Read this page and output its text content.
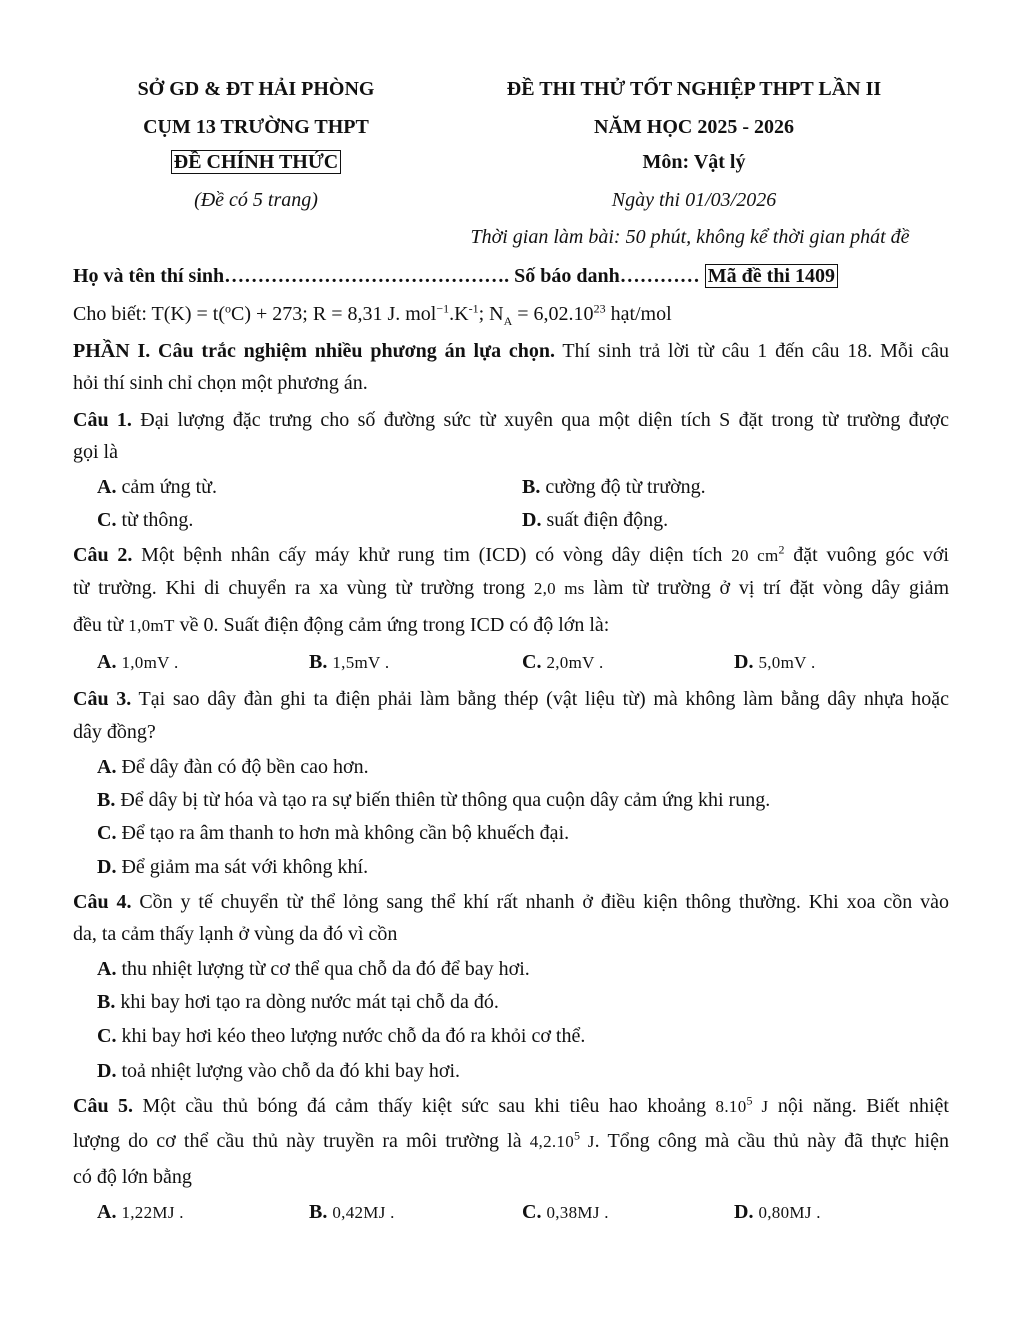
SỞ GD & ĐT HẢI PHÒNG
CỤM 13 TRƯỜNG THPT
ĐỀ CHÍNH THỨC
(Đề có 5 trang)
ĐỀ THI THỬ TỐT NGHIỆP THPT LẦN II
NĂM HỌC 2025 - 2026
Môn: Vật lý
Ngày thi 01/03/2026
Thời gian làm bài: 50 phút, không kể thời gian phát đề
Họ và tên thí sinh……………………………………. Số báo danh………… Mã đề thi 1409
Cho biết: T(K) = t($^o$C) + 273; R = 8,31 J. $mol^{-1}.K^{-1}$; $N_A = 6,02.10^{23}$ hạt/mol
PHẦN I. Câu trắc nghiệm nhiều phương án lựa chọn. Thí sinh trả lời từ câu 1 đến câu 18. Mỗi câu
hỏi thí sinh chỉ chọn một phương án.
Câu 1. Đại lượng đặc trưng cho số đường sức từ xuyên qua một diện tích S đặt trong từ trường được
gọi là
A. cảm ứng từ.	B. cường độ từ trường.
C. từ thông.	D. suất điện động.
Câu 2. Một bệnh nhân cấy máy khử rung tim (ICD) có vòng dây diện tích 20 $cm^2$ đặt vuông góc với
từ trường. Khi di chuyển ra xa vùng từ trường trong 2,0 ms làm từ trường ở vị trí đặt vòng dây giảm
đều từ 1,0mT về 0. Suất điện động cảm ứng trong ICD có độ lớn là:
A. 1,0mV .	B. 1,5mV .	C. 2,0mV .	D. 5,0mV .
Câu 3. Tại sao dây đàn ghi ta điện phải làm bằng thép (vật liệu từ) mà không làm bằng dây nhựa hoặc
dây đồng?
A. Để dây đàn có độ bền cao hơn.
B. Để dây bị từ hóa và tạo ra sự biến thiên từ thông qua cuộn dây cảm ứng khi rung.
C. Để tạo ra âm thanh to hơn mà không cần bộ khuếch đại.
D. Để giảm ma sát với không khí.
Câu 4. Cồn y tế chuyển từ thể lỏng sang thể khí rất nhanh ở điều kiện thông thường. Khi xoa cồn vào
da, ta cảm thấy lạnh ở vùng da đó vì cồn
A. thu nhiệt lượng từ cơ thể qua chỗ da đó để bay hơi.
B. khi bay hơi tạo ra dòng nước mát tại chỗ da đó.
C. khi bay hơi kéo theo lượng nước chỗ da đó ra khỏi cơ thể.
D. toả nhiệt lượng vào chỗ da đó khi bay hơi.
Câu 5. Một cầu thủ bóng đá cảm thấy kiệt sức sau khi tiêu hao khoảng 8.10$^5$ J nội năng. Biết nhiệt
lượng do cơ thể cầu thủ này truyền ra môi trường là 4,2.10$^5$ J. Tổng công mà cầu thủ này đã thực hiện
có độ lớn bằng
A. 1,22MJ .	B. 0,42MJ .	C. 0,38MJ .	D. 0,80MJ .
